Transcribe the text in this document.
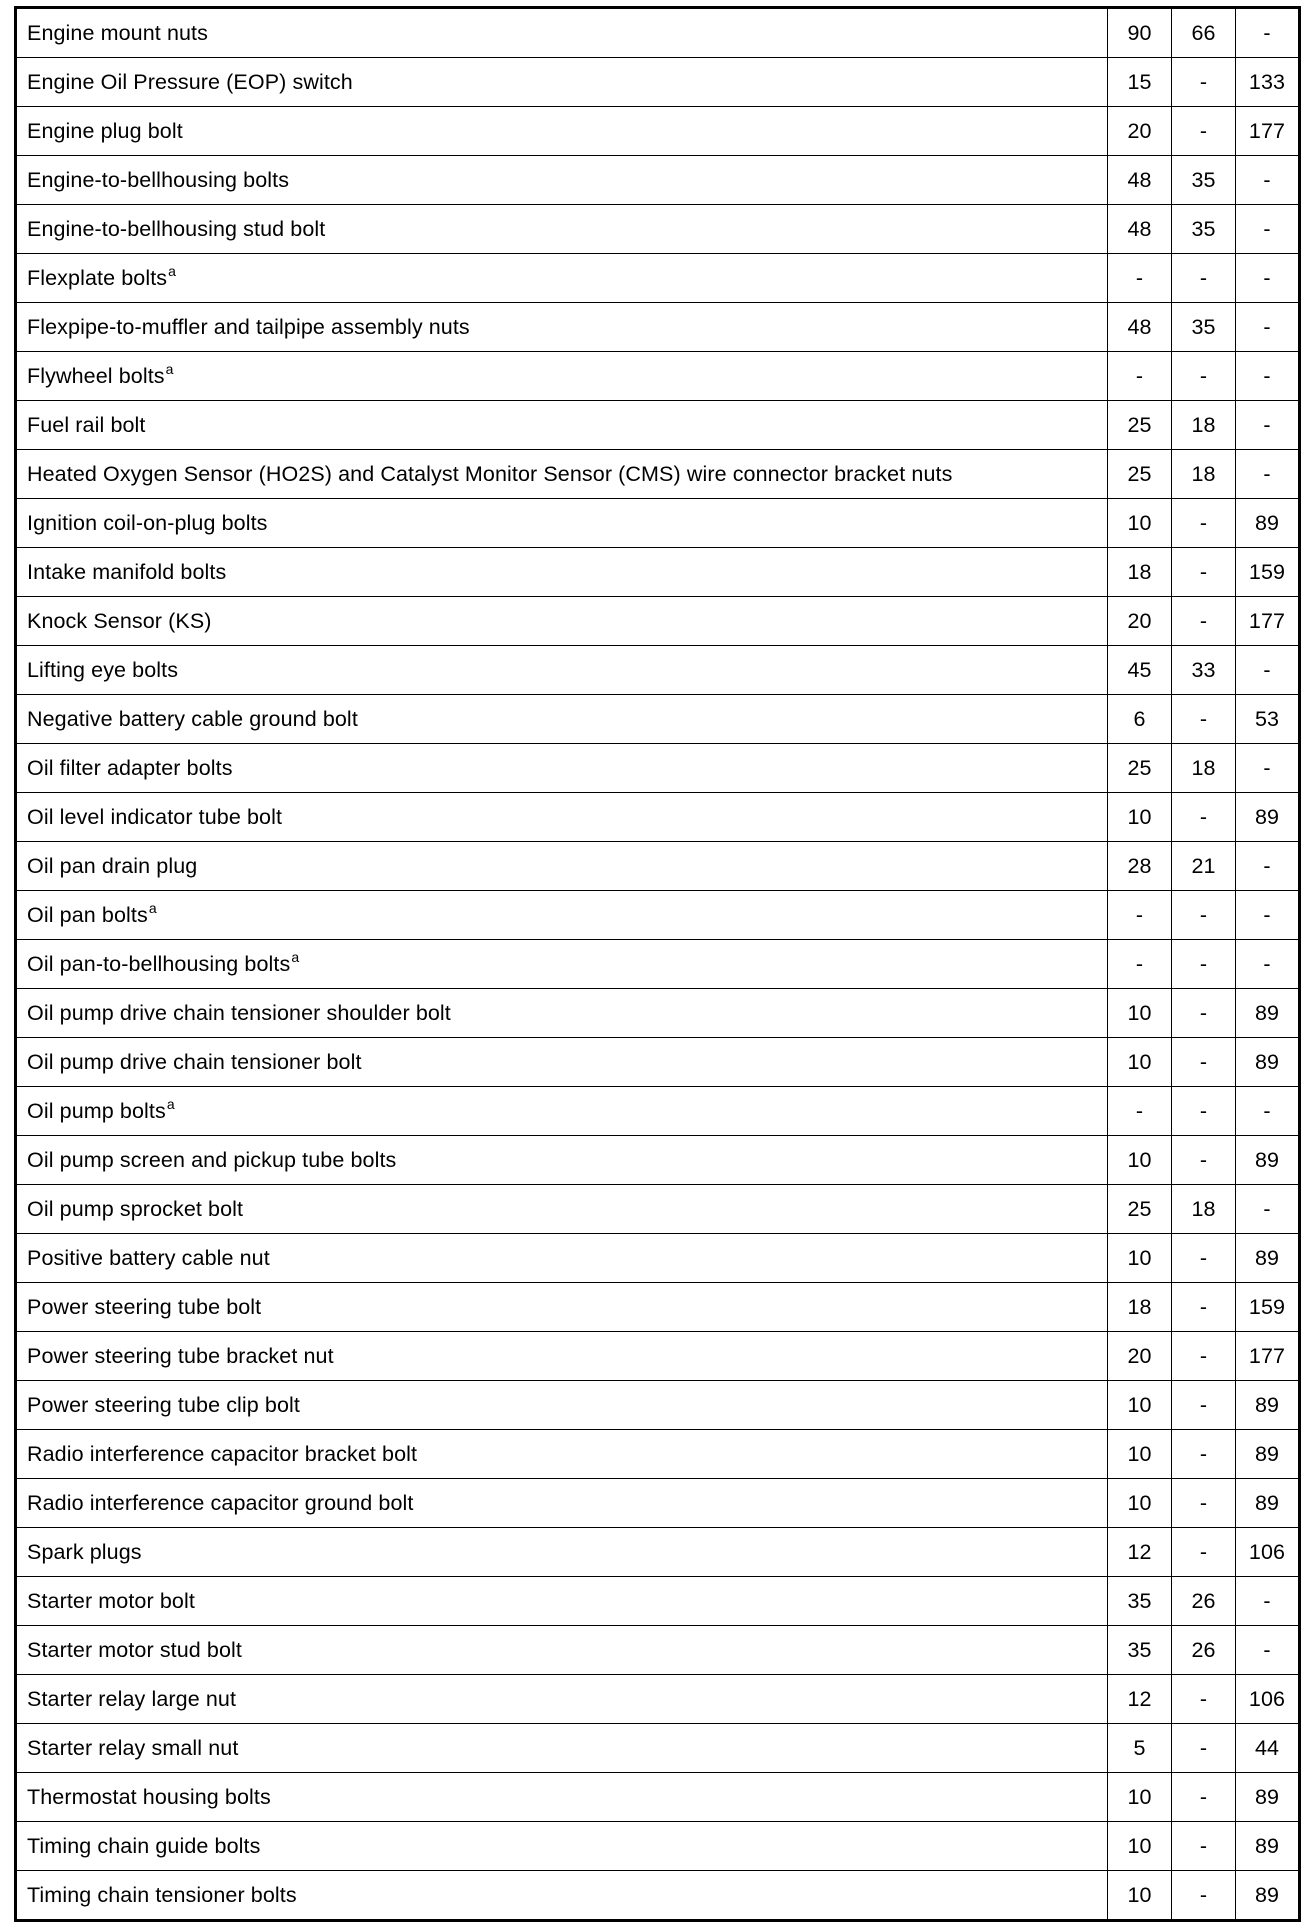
Engine mount nuts	90	66	-
Engine Oil Pressure (EOP) switch	15	-	133
Engine plug bolt	20	-	177
Engine-to-bellhousing bolts	48	35	-
Engine-to-bellhousing stud bolt	48	35	-
Flexplate bolts$^a$	-	-	-
Flexpipe-to-muffler and tailpipe assembly nuts	48	35	-
Flywheel bolts$^a$	-	-	-
Fuel rail bolt	25	18	-
Heated Oxygen Sensor (HO2S) and Catalyst Monitor Sensor (CMS) wire connector bracket nuts	25	18	-
Ignition coil-on-plug bolts	10	-	89
Intake manifold bolts	18	-	159
Knock Sensor (KS)	20	-	177
Lifting eye bolts	45	33	-
Negative battery cable ground bolt	6	-	53
Oil filter adapter bolts	25	18	-
Oil level indicator tube bolt	10	-	89
Oil pan drain plug	28	21	-
Oil pan bolts$^a$	-	-	-
Oil pan-to-bellhousing bolts$^a$	-	-	-
Oil pump drive chain tensioner shoulder bolt	10	-	89
Oil pump drive chain tensioner bolt	10	-	89
Oil pump bolts$^a$	-	-	-
Oil pump screen and pickup tube bolts	10	-	89
Oil pump sprocket bolt	25	18	-
Positive battery cable nut	10	-	89
Power steering tube bolt	18	-	159
Power steering tube bracket nut	20	-	177
Power steering tube clip bolt	10	-	89
Radio interference capacitor bracket bolt	10	-	89
Radio interference capacitor ground bolt	10	-	89
Spark plugs	12	-	106
Starter motor bolt	35	26	-
Starter motor stud bolt	35	26	-
Starter relay large nut	12	-	106
Starter relay small nut	5	-	44
Thermostat housing bolts	10	-	89
Timing chain guide bolts	10	-	89
Timing chain tensioner bolts	10	-	89
